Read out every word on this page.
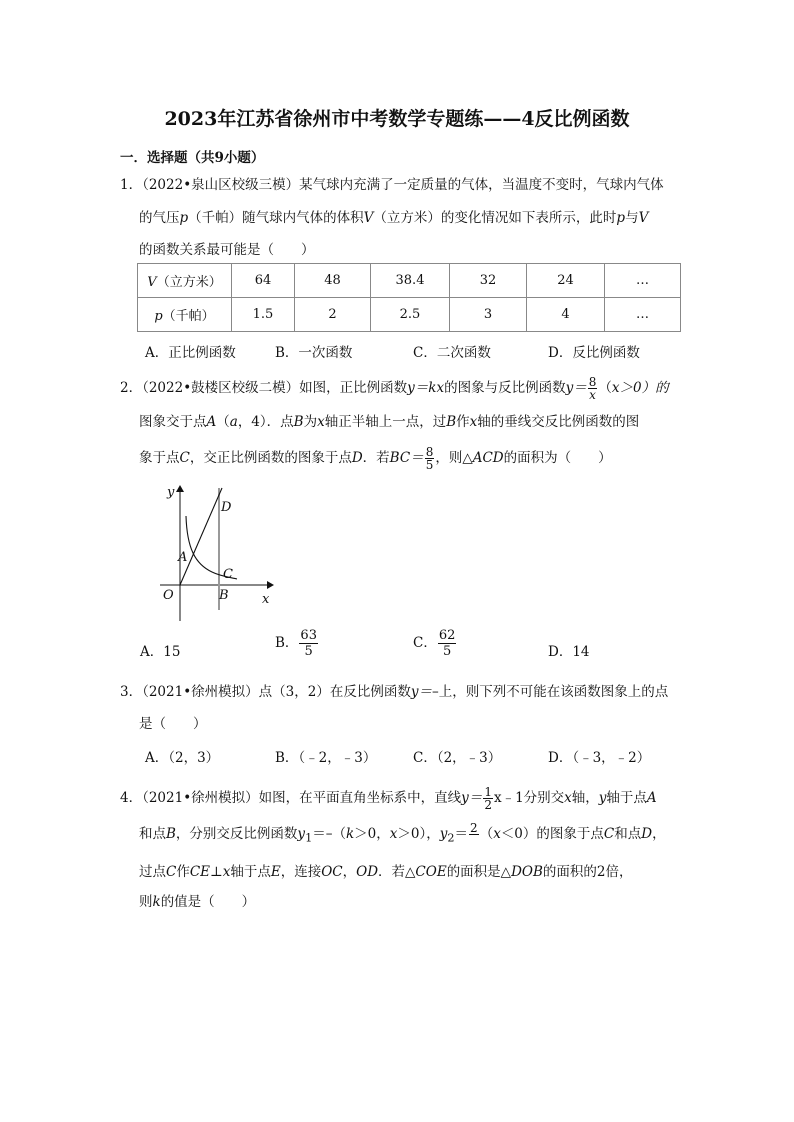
2023年江苏省徐州市中考数学专题练——4反比例函数
一．选择题（共9小题）
1．（2022•泉山区校级三模）某气球内充满了一定质量的气体，当温度不变时，气球内气体
的气压p（千帕）随气球内气体的体积V（立方米）的变化情况如下表所示，此时p与V
的函数关系最可能是（　　）
V（立方米）	64	48	38.4	32	24	…
p（千帕）	1.5	2	2.5	3	4	…
A．正比例函数	B．一次函数	C．二次函数	D．反比例函数
2．（2022•鼓楼区校级二模）如图，正比例函数y＝kx的图象与反比例函数$y= \frac{8}{x} (x>0)$的
图象交于点A（a，4）．点B为x轴正半轴上一点，过B作x轴的垂线交反比例函数的图
象于点C，交正比例函数的图象于点D．若$BC= \frac{8}{5}$ ，则△ACD的面积为（　　）
y
x
O
A
B
C
D
A．15
B． $\frac{63}{5}$	C． $\frac{62}{5}$	D．14
3．（2021•徐州模拟）点（3，2）在反比例函数y＝–上，则下列不可能在该函数图象上的点
是（　　）
A．（2，3）	B．（﹣2，﹣3）	C．（2，﹣3）	D．（﹣3，﹣2）
4．（2021•徐州模拟）如图，在平面直角坐标系中，直线$y= \frac{1}{2}$ x﹣1分别交x轴，y轴于点A
和点B，分别交反比例函数$y_1=-(k>0$，x＞0），$y_2= 2$
（x＜0）的图象于点C和点D，
过点C作CE⊥x轴于点E，连接OC，OD．若△COE的面积是△DOB的面积的2倍，
则k的值是（　　）
